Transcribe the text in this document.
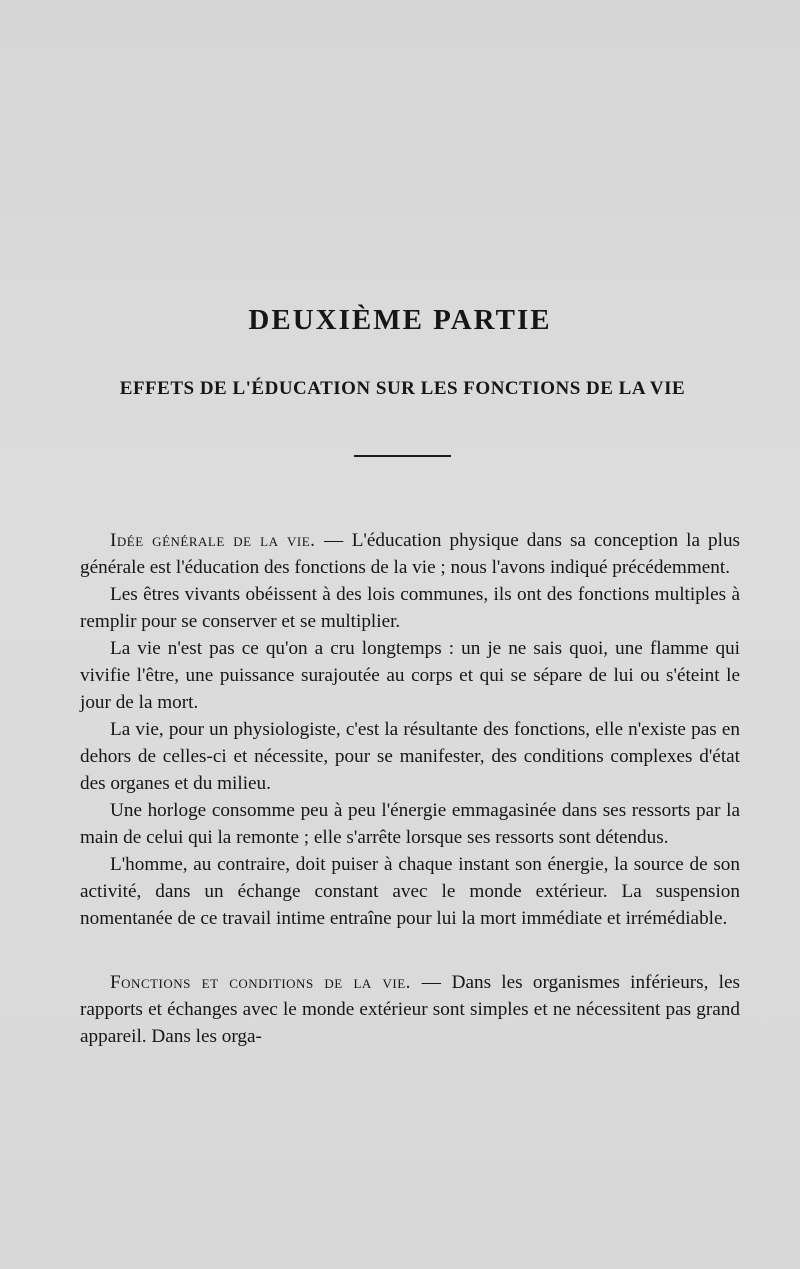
DEUXIÈME PARTIE
EFFETS DE L'ÉDUCATION SUR LES FONCTIONS DE LA VIE

Idée générale de la vie. — L'éducation physique dans sa conception la plus générale est l'éducation des fonctions de la vie ; nous l'avons indiqué précédemment.

Les êtres vivants obéissent à des lois communes, ils ont des fonctions multiples à remplir pour se conserver et se multiplier.

La vie n'est pas ce qu'on a cru longtemps : un je ne sais quoi, une flamme qui vivifie l'être, une puissance surajoutée au corps et qui se sépare de lui ou s'éteint le jour de la mort.

La vie, pour un physiologiste, c'est la résultante des fonctions, elle n'existe pas en dehors de celles-ci et nécessite, pour se manifester, des conditions complexes d'état des organes et du milieu.

Une horloge consomme peu à peu l'énergie emmagasinée dans ses ressorts par la main de celui qui la remonte ; elle s'arrête lorsque ses ressorts sont détendus.

L'homme, au contraire, doit puiser à chaque instant son énergie, la source de son activité, dans un échange constant avec le monde extérieur. La suspension nomentanée de ce travail intime entraîne pour lui la mort immédiate et irrémédiable.

Fonctions et conditions de la vie. — Dans les organismes inférieurs, les rapports et échanges avec le monde extérieur sont simples et ne nécessitent pas grand appareil. Dans les orga-
